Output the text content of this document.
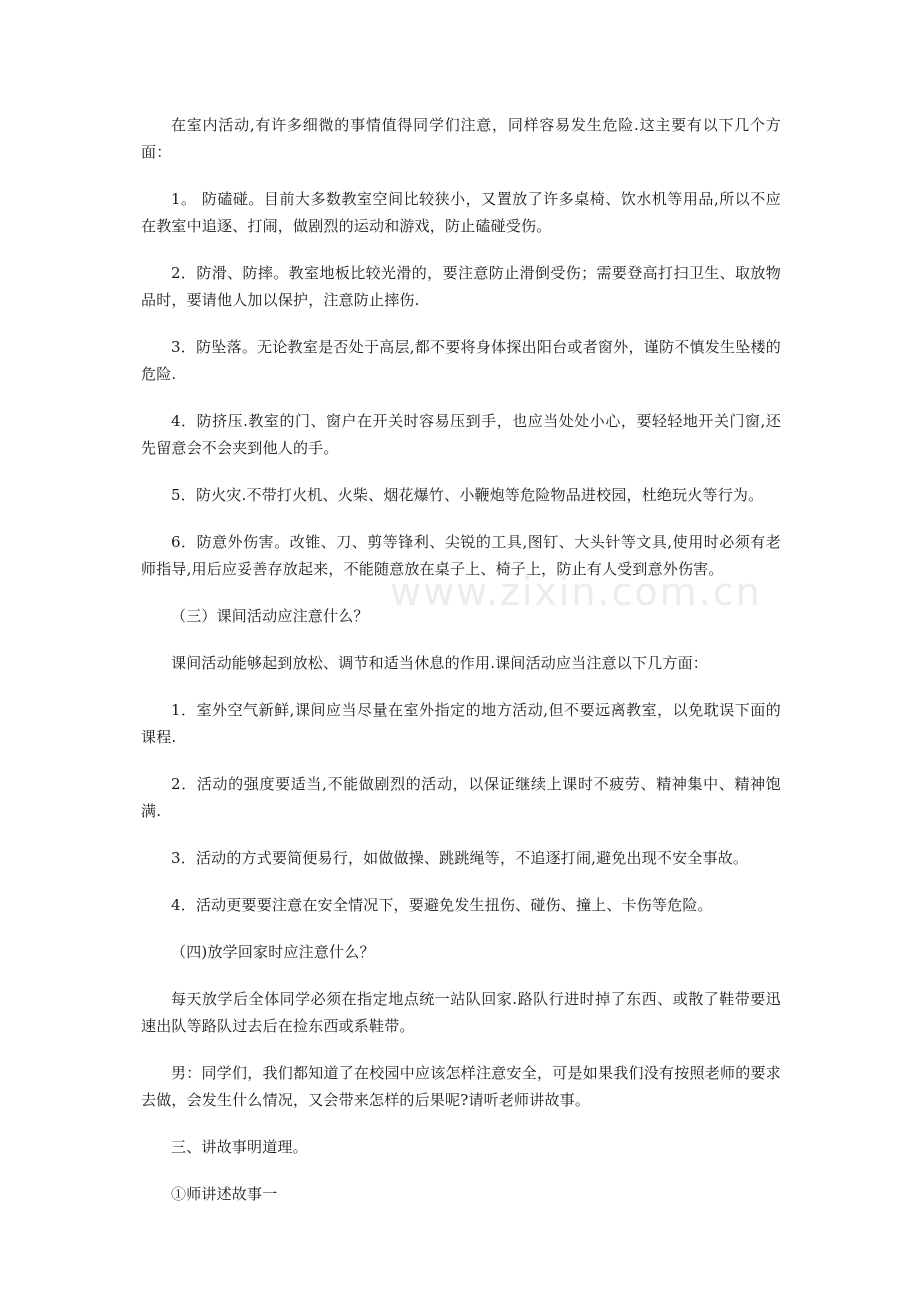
www.zixin.com.cn

在室内活动,有许多细微的事情值得同学们注意，同样容易发生危险.这主要有以下几个方面：

1。 防磕碰。目前大多数教室空间比较狭小，又置放了许多桌椅、饮水机等用品,所以不应在教室中追逐、打闹，做剧烈的运动和游戏，防止磕碰受伤。

2．防滑、防摔。教室地板比较光滑的，要注意防止滑倒受伤；需要登高打扫卫生、取放物品时，要请他人加以保护，注意防止摔伤.

3．防坠落。无论教室是否处于高层,都不要将身体探出阳台或者窗外，谨防不慎发生坠楼的危险.

4．防挤压.教室的门、窗户在开关时容易压到手，也应当处处小心，要轻轻地开关门窗,还先留意会不会夹到他人的手。

5．防火灾.不带打火机、火柴、烟花爆竹、小鞭炮等危险物品进校园，杜绝玩火等行为。

6．防意外伤害。改锥、刀、剪等锋利、尖锐的工具,图钉、大头针等文具,使用时必须有老师指导,用后应妥善存放起来，不能随意放在桌子上、椅子上，防止有人受到意外伤害。

（三）课间活动应注意什么？

课间活动能够起到放松、调节和适当休息的作用.课间活动应当注意以下几方面：

1．室外空气新鲜,课间应当尽量在室外指定的地方活动,但不要远离教室，以免耽误下面的课程.

2．活动的强度要适当,不能做剧烈的活动，以保证继续上课时不疲劳、精神集中、精神饱满.

3．活动的方式要简便易行，如做做操、跳跳绳等，不追逐打闹,避免出现不安全事故。

4．活动更要要注意在安全情况下，要避免发生扭伤、碰伤、撞上、卡伤等危险。

（四)放学回家时应注意什么？

每天放学后全体同学必须在指定地点统一站队回家.路队行进时掉了东西、或散了鞋带要迅速出队等路队过去后在捡东西或系鞋带。

男：同学们，我们都知道了在校园中应该怎样注意安全，可是如果我们没有按照老师的要求去做，会发生什么情况，又会带来怎样的后果呢?请听老师讲故事。

三、讲故事明道理。

①师讲述故事一
